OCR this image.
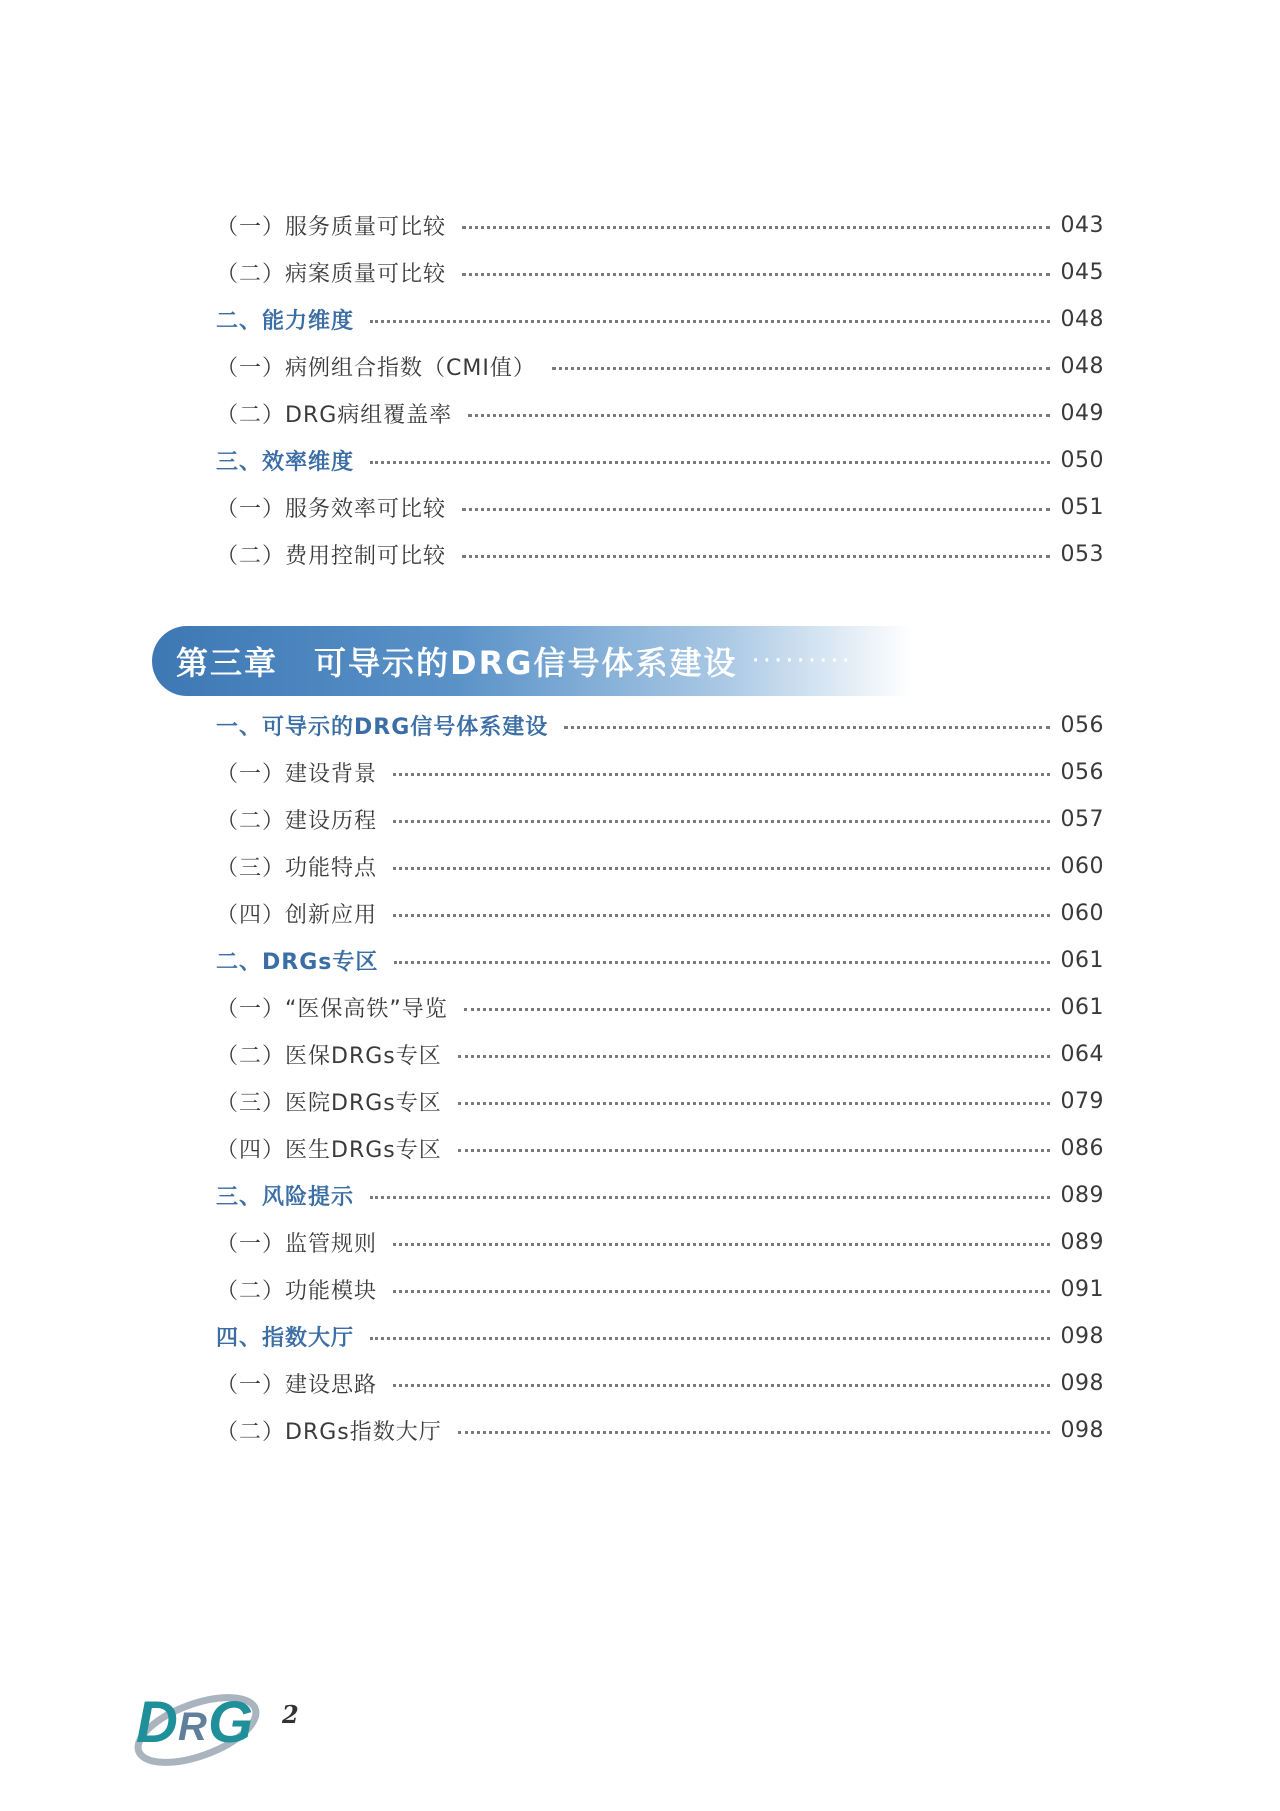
（一）服务质量可比较	043
（二）病案质量可比较	045
二、能力维度	048
（一）病例组合指数（CMI值）	048
（二）DRG病组覆盖率	049
三、效率维度	050
（一）服务效率可比较	051
（二）费用控制可比较	053
第三章 可导示的DRG信号体系建设 ·········
一、可导示的DRG信号体系建设	056
（一）建设背景	056
（二）建设历程	057
（三）功能特点	060
（四）创新应用	060
二、DRGs专区	061
（一）“医保高铁”导览	061
（二）医保DRGs专区	064
（三）医院DRGs专区	079
（四）医生DRGs专区	086
三、风险提示	089
（一）监管规则	089
（二）功能模块	091
四、指数大厅	098
（一）建设思路	098
（二）DRGs指数大厅	098
D R G 2
